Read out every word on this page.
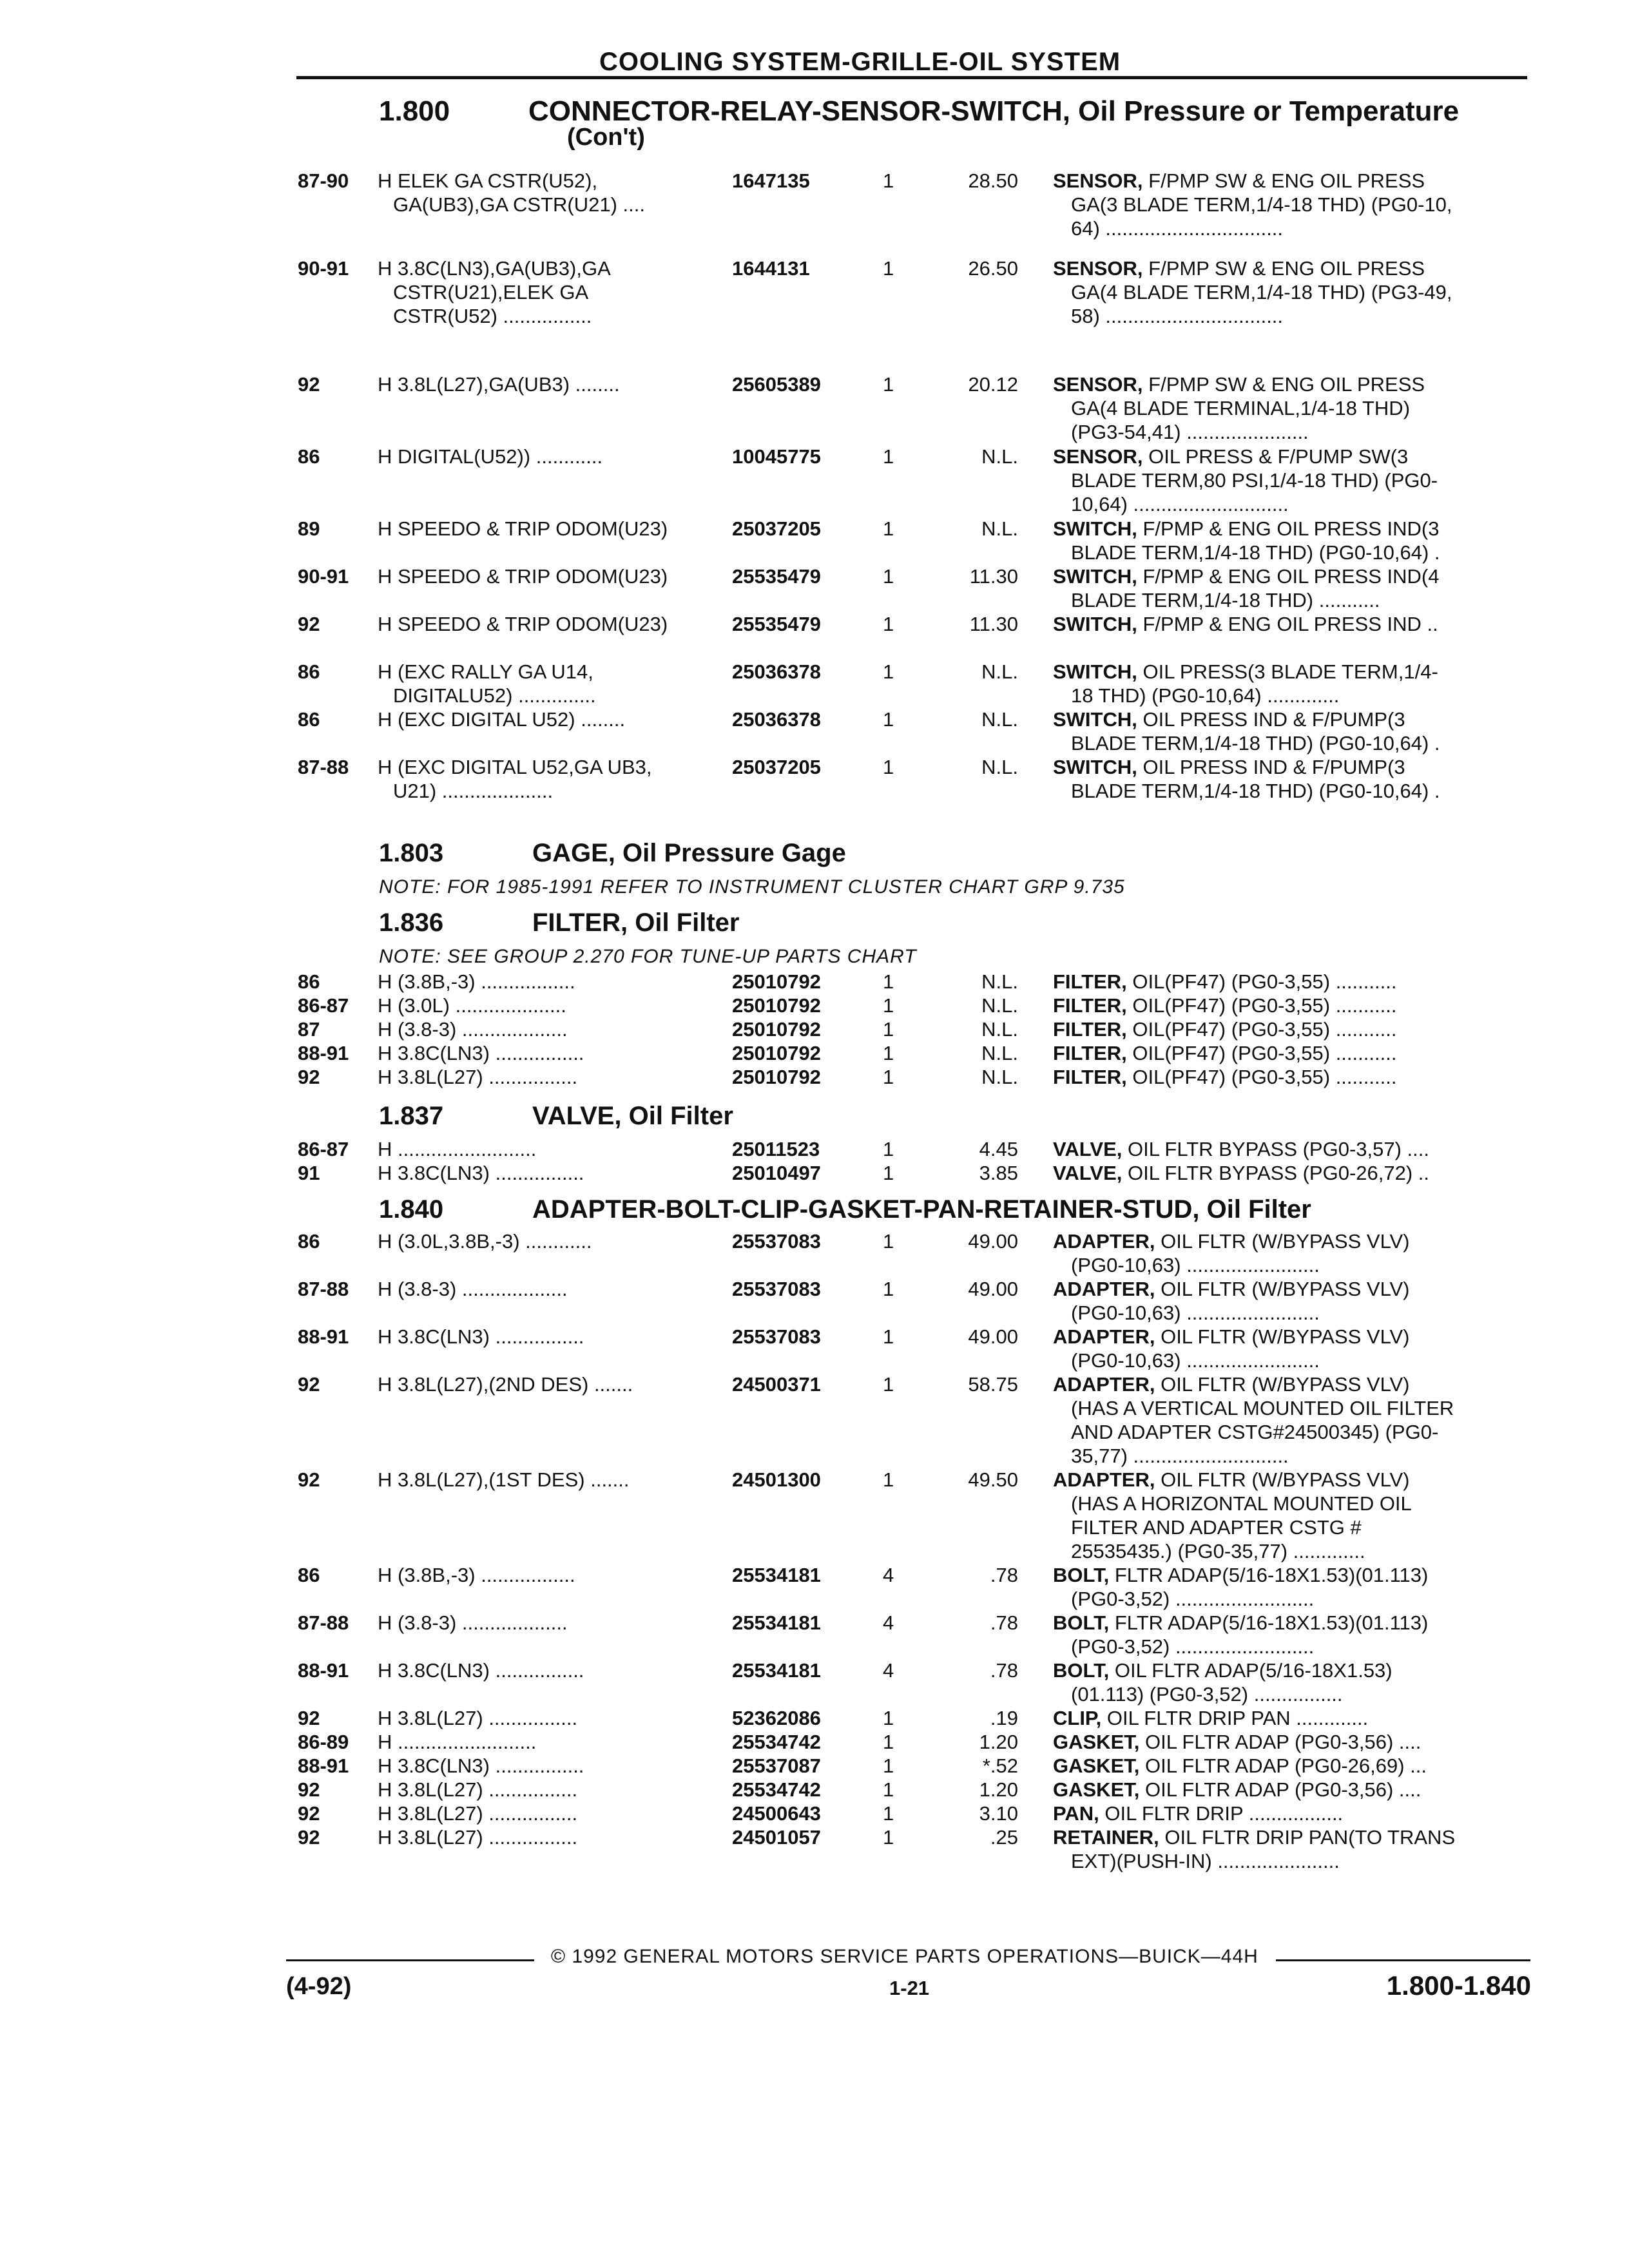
COOLING SYSTEM-GRILLE-OIL SYSTEM
1.800	CONNECTOR-RELAY-SENSOR-SWITCH, Oil Pressure or Temperature
(Con't)
87-90 H ELEK GA CSTR(U52),
GA(UB3),GA CSTR(U21) ....
1647135	1	28.50 SENSOR, F/PMP SW & ENG OIL PRESS
GA(3 BLADE TERM,1/4-18 THD) (PG0-10,
64) ................................
90-91 H 3.8C(LN3),GA(UB3),GA
CSTR(U21),ELEK GA
CSTR(U52) ................
1644131	1	26.50 SENSOR, F/PMP SW & ENG OIL PRESS
GA(4 BLADE TERM,1/4-18 THD) (PG3-49,
58) ................................
92	H 3.8L(L27),GA(UB3) ........	25605389	1	20.12 SENSOR, F/PMP SW & ENG OIL PRESS
GA(4 BLADE TERMINAL,1/4-18 THD)
(PG3-54,41) ......................
86	H DIGITAL(U52)) ............	10045775	1	N.L. SENSOR, OIL PRESS & F/PUMP SW(3
BLADE TERM,80 PSI,1/4-18 THD) (PG0-
10,64) ............................
89	H SPEEDO & TRIP ODOM(U23)	25037205	1	N.L. SWITCH, F/PMP & ENG OIL PRESS IND(3
BLADE TERM,1/4-18 THD) (PG0-10,64) .
90-91 H SPEEDO & TRIP ODOM(U23)	25535479	1	11.30 SWITCH, F/PMP & ENG OIL PRESS IND(4
BLADE TERM,1/4-18 THD) ...........
92	H SPEEDO & TRIP ODOM(U23)	25535479	1	11.30 SWITCH, F/PMP & ENG OIL PRESS IND ..
86	H (EXC RALLY GA U14,
DIGITALU52) ..............
25036378	1	N.L. SWITCH, OIL PRESS(3 BLADE TERM,1/4-
18 THD) (PG0-10,64) .............
86	H (EXC DIGITAL U52) ........	25036378	1	N.L. SWITCH, OIL PRESS IND & F/PUMP(3
BLADE TERM,1/4-18 THD) (PG0-10,64) .
87-88 H (EXC DIGITAL U52,GA UB3,
U21) ....................
25037205	1	N.L. SWITCH, OIL PRESS IND & F/PUMP(3
BLADE TERM,1/4-18 THD) (PG0-10,64) .
1.803	GAGE, Oil Pressure Gage
NOTE: FOR 1985-1991 REFER TO INSTRUMENT CLUSTER CHART GRP 9.735
1.836	FILTER, Oil Filter
NOTE: SEE GROUP 2.270 FOR TUNE-UP PARTS CHART
86	H (3.8B,-3) .................	25010792	1	N.L. FILTER, OIL(PF47) (PG0-3,55) ...........
86-87 H (3.0L) ....................	25010792	1	N.L. FILTER, OIL(PF47) (PG0-3,55) ...........
87	H (3.8-3) ...................	25010792	1	N.L. FILTER, OIL(PF47) (PG0-3,55) ...........
88-91 H 3.8C(LN3) ................	25010792	1	N.L. FILTER, OIL(PF47) (PG0-3,55) ...........
92	H 3.8L(L27) ................	25010792	1	N.L. FILTER, OIL(PF47) (PG0-3,55) ...........
1.837	VALVE, Oil Filter
86-87 H .........................	25011523	1	4.45 VALVE, OIL FLTR BYPASS (PG0-3,57) ....
91	H 3.8C(LN3) ................	25010497	1	3.85 VALVE, OIL FLTR BYPASS (PG0-26,72) ..
1.840	ADAPTER-BOLT-CLIP-GASKET-PAN-RETAINER-STUD, Oil Filter
86	H (3.0L,3.8B,-3) ............	25537083	1	49.00 ADAPTER, OIL FLTR (W/BYPASS VLV)
(PG0-10,63) ........................
87-88 H (3.8-3) ...................	25537083	1	49.00 ADAPTER, OIL FLTR (W/BYPASS VLV)
(PG0-10,63) ........................
88-91 H 3.8C(LN3) ................	25537083	1	49.00 ADAPTER, OIL FLTR (W/BYPASS VLV)
(PG0-10,63) ........................
92	H 3.8L(L27),(2ND DES) .......	24500371	1	58.75 ADAPTER, OIL FLTR (W/BYPASS VLV)
(HAS A VERTICAL MOUNTED OIL FILTER
AND ADAPTER CSTG#24500345) (PG0-
35,77) ............................
92	H 3.8L(L27),(1ST DES) .......	24501300	1	49.50 ADAPTER, OIL FLTR (W/BYPASS VLV)
(HAS A HORIZONTAL MOUNTED OIL
FILTER AND ADAPTER CSTG #
25535435.) (PG0-35,77) .............
86	H (3.8B,-3) .................	25534181	4	.78 BOLT, FLTR ADAP(5/16-18X1.53)(01.113)
(PG0-3,52) .........................
87-88 H (3.8-3) ...................	25534181	4	.78 BOLT, FLTR ADAP(5/16-18X1.53)(01.113)
(PG0-3,52) .........................
88-91 H 3.8C(LN3) ................	25534181	4	.78 BOLT, OIL FLTR ADAP(5/16-18X1.53)
(01.113) (PG0-3,52) ................
92	H 3.8L(L27) ................	52362086	1	.19 CLIP, OIL FLTR DRIP PAN .............
86-89 H .........................	25534742	1	1.20 GASKET, OIL FLTR ADAP (PG0-3,56) ....
88-91 H 3.8C(LN3) ................	25537087	1	*.52 GASKET, OIL FLTR ADAP (PG0-26,69) ...
92	H 3.8L(L27) ................	25534742	1	1.20 GASKET, OIL FLTR ADAP (PG0-3,56) ....
92	H 3.8L(L27) ................	24500643	1	3.10 PAN, OIL FLTR DRIP .................
92	H 3.8L(L27) ................	24501057	1	.25 RETAINER, OIL FLTR DRIP PAN(TO TRANS
EXT)(PUSH-IN) ......................
© 1992 GENERAL MOTORS SERVICE PARTS OPERATIONS—BUICK—44H
(4-92)	1-21	1.800-1.840
